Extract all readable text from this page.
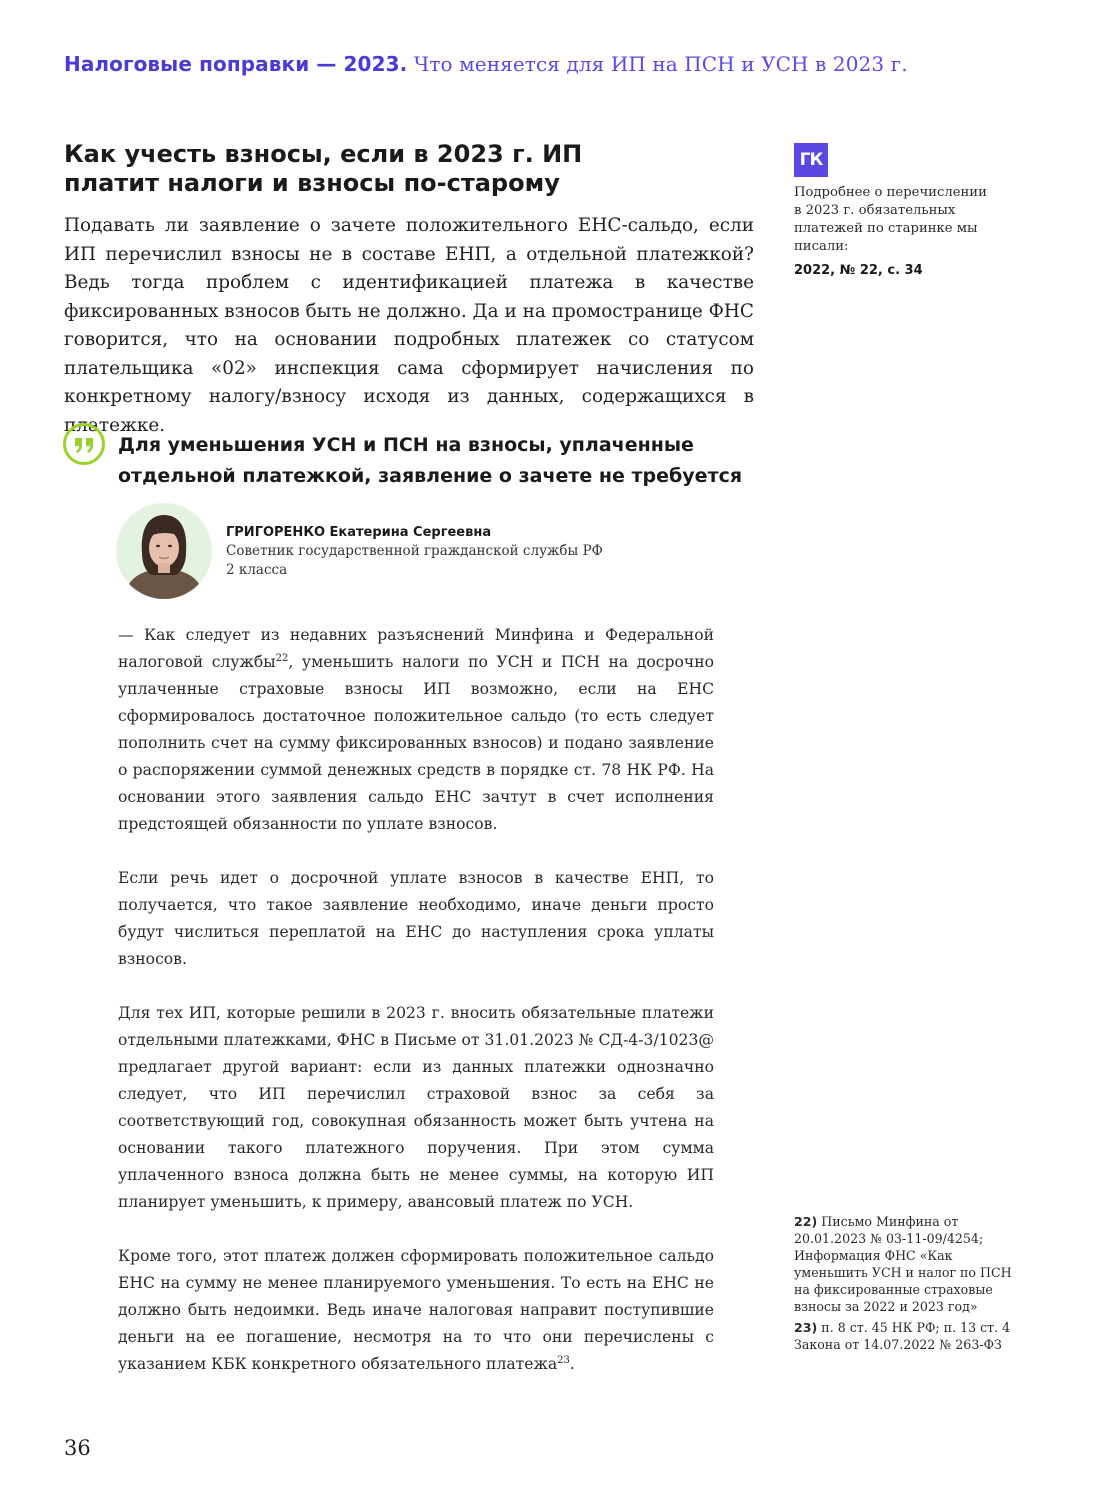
Налоговые поправки — 2023. Что меняется для ИП на ПСН и УСН в 2023 г.
Как учесть взносы, если в 2023 г. ИП платит налоги и взносы по-старому

Подавать ли заявление о зачете положительного ЕНС-сальдо, если ИП перечислил взносы не в составе ЕНП, а отдельной платежкой? Ведь тогда проблем с идентификацией платежа в качестве фиксированных взносов быть не должно. Да и на промостранице ФНС говорится, что на основании подробных платежек со статусом плательщика «02» инспекция сама сформирует начисления по конкретному налогу/взносу исходя из данных, содержащихся в платежке.

Для уменьшения УСН и ПСН на взносы, уплаченные отдельной платежкой, заявление о зачете не требуется
ГРИГОРЕНКО Екатерина Сергеевна
Советник государственной гражданской службы РФ 2 класса

— Как следует из недавних разъяснений Минфина и Федеральной налоговой службы$^{22}$, уменьшить налоги по УСН и ПСН на досрочно уплаченные страховые взносы ИП возможно, если на ЕНС сформировалось достаточное положительное сальдо (то есть следует пополнить счет на сумму фиксированных взносов) и подано заявление о распоряжении суммой денежных средств в порядке ст. 78 НК РФ. На основании этого заявления сальдо ЕНС зачтут в счет исполнения предстоящей обязанности по уплате взносов.

Если речь идет о досрочной уплате взносов в качестве ЕНП, то получается, что такое заявление необходимо, иначе деньги просто будут числиться переплатой на ЕНС до наступления срока уплаты взносов.

Для тех ИП, которые решили в 2023 г. вносить обязательные платежи отдельными платежками, ФНС в Письме от 31.01.2023 № СД-4-3/1023@ предлагает другой вариант: если из данных платежки однозначно следует, что ИП перечислил страховой взнос за себя за соответствующий год, совокупная обязанность может быть учтена на основании такого платежного поручения. При этом сумма уплаченного взноса должна быть не менее суммы, на которую ИП планирует уменьшить, к примеру, авансовый платеж по УСН.

Кроме того, этот платеж должен сформировать положительное сальдо ЕНС на сумму не менее планируемого уменьшения. То есть на ЕНС не должно быть недоимки. Ведь иначе налоговая направит поступившие деньги на ее погашение, несмотря на то что они перечислены с указанием КБК конкретного обязательного платежа$^{23}$.

ГК
Подробнее о перечислении в 2023 г. обязательных платежей по старинке мы писали:
2022, № 22, с. 34
22) Письмо Минфина от 20.01.2023 № 03-11-09/4254; Информация ФНС «Как уменьшить УСН и налог по ПСН на фиксированные страховые взносы за 2022 и 2023 год»
23) п. 8 ст. 45 НК РФ; п. 13 ст. 4 Закона от 14.07.2022 № 263-ФЗ
36
